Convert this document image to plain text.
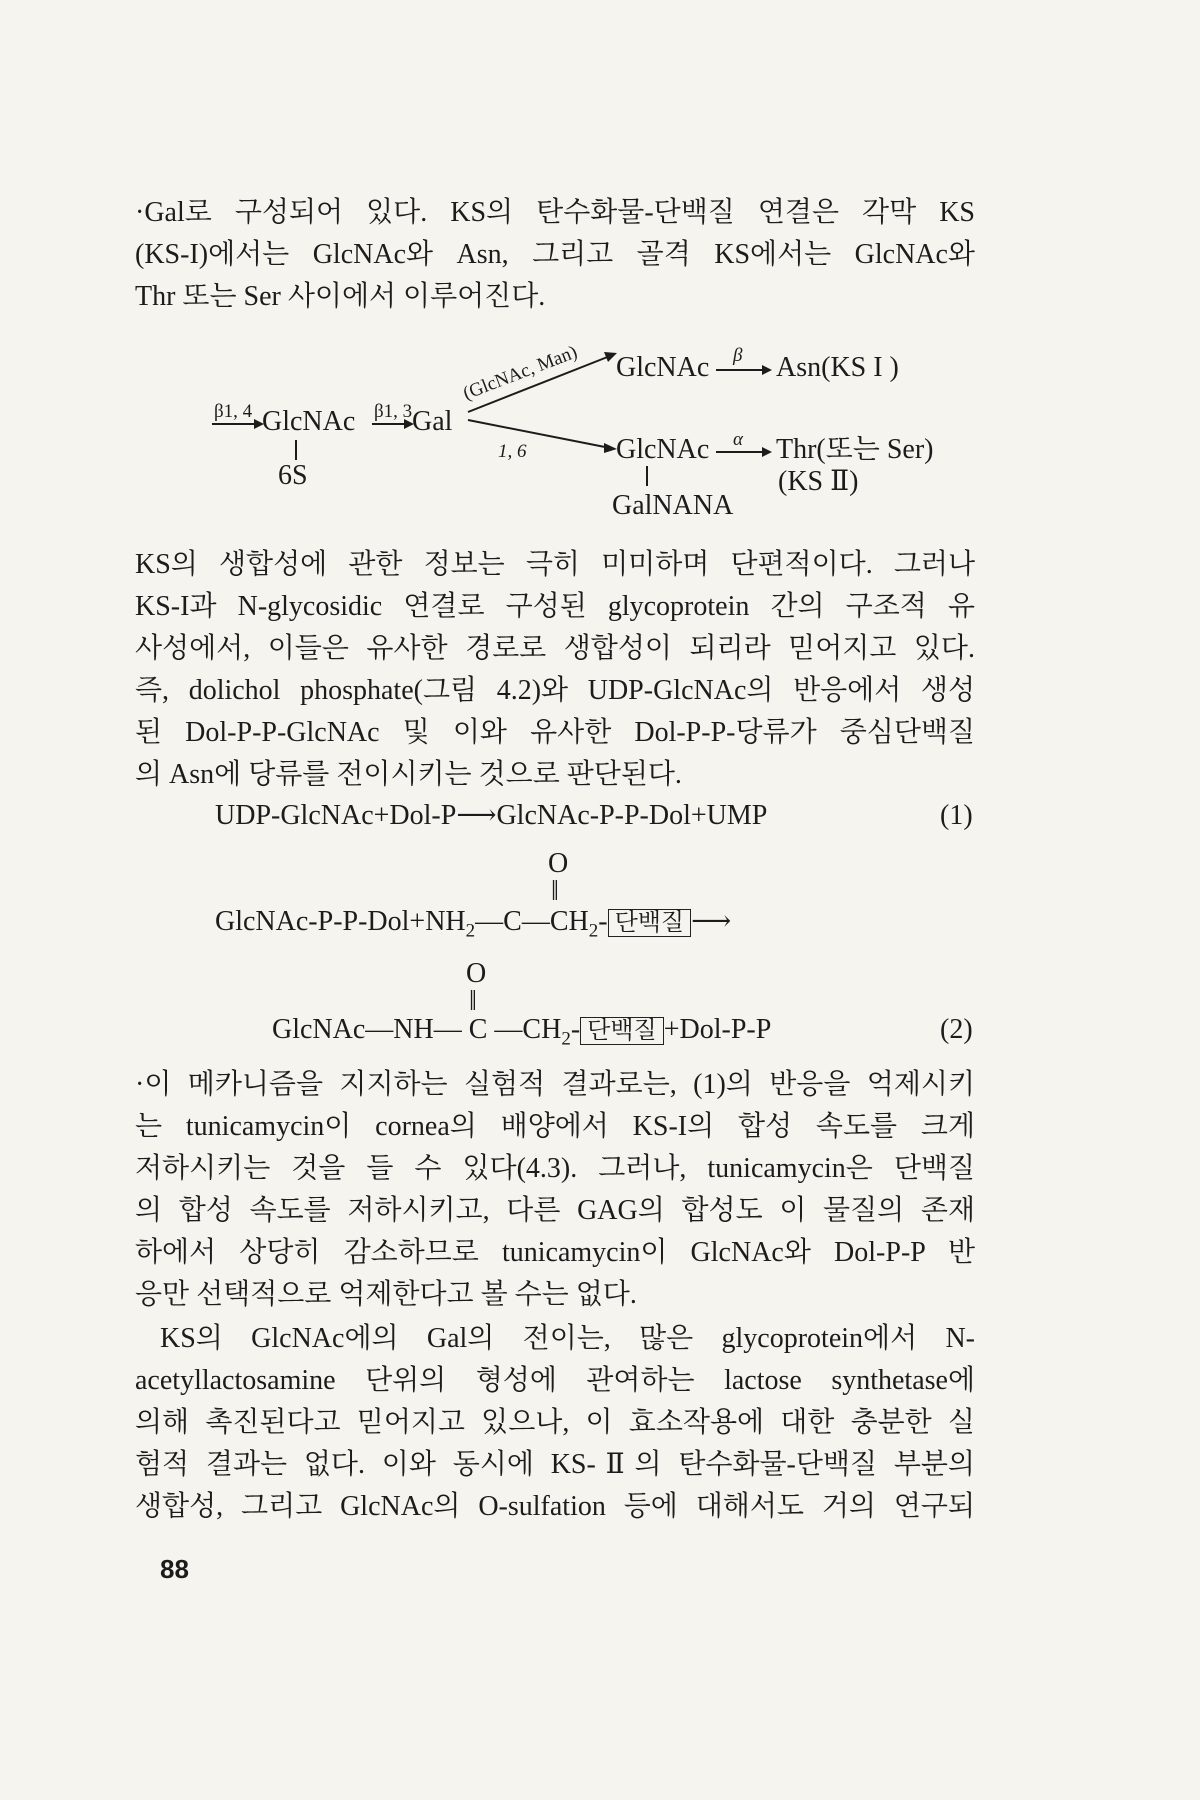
·Gal로 구성되어 있다. KS의 탄수화물-단백질 연결은 각막 KS
(KS-I)에서는 GlcNAc와 Asn, 그리고 골격 KS에서는 GlcNAc와
Thr 또는 Ser 사이에서 이루어진다.
β1, 4 GlcNAc β1, 3 Gal
6S
(GlcNAc, Man)
1, 6
GlcNAc β Asn(KS I )
GlcNAc α Thr(또는 Ser)
(KS Ⅱ)
GalNANA
KS의 생합성에 관한 정보는 극히 미미하며 단편적이다. 그러나
KS-I과 N-glycosidic 연결로 구성된 glycoprotein 간의 구조적 유
사성에서, 이들은 유사한 경로로 생합성이 되리라 믿어지고 있다.
즉, dolichol phosphate(그림 4.2)와 UDP-GlcNAc의 반응에서 생성
된 Dol-P-P-GlcNAc 및 이와 유사한 Dol-P-P-당류가 중심단백질
의 Asn에 당류를 전이시키는 것으로 판단된다.
UDP-GlcNAc+Dol-P⟶GlcNAc-P-P-Dol+UMP	(1)
O
‖
GlcNAc-$P-P-Dol+NH_2—C—CH_2-$ 단백질 ⟶
O
‖
GlcNAc—NH— C $—CH_2-$ 단백질 +Dol-P-P	(2)
·이 메카니즘을 지지하는 실험적 결과로는, (1)의 반응을 억제시키
는 tunicamycin이 cornea의 배양에서 KS-I의 합성 속도를 크게
저하시키는 것을 들 수 있다(4.3). 그러나, tunicamycin은 단백질
의 합성 속도를 저하시키고, 다른 GAG의 합성도 이 물질의 존재
하에서 상당히 감소하므로 tunicamycin이 GlcNAc와 Dol-P-P 반
응만 선택적으로 억제한다고 볼 수는 없다.
KS의 GlcNAc에의 Gal의 전이는, 많은 glycoprotein에서 N-
acetyllactosamine 단위의 형성에 관여하는 lactose synthetase에
의해 촉진된다고 믿어지고 있으나, 이 효소작용에 대한 충분한 실
험적 결과는 없다. 이와 동시에 KS-Ⅱ의 탄수화물-단백질 부분의
생합성, 그리고 GlcNAc의 O-sulfation 등에 대해서도 거의 연구되
88
